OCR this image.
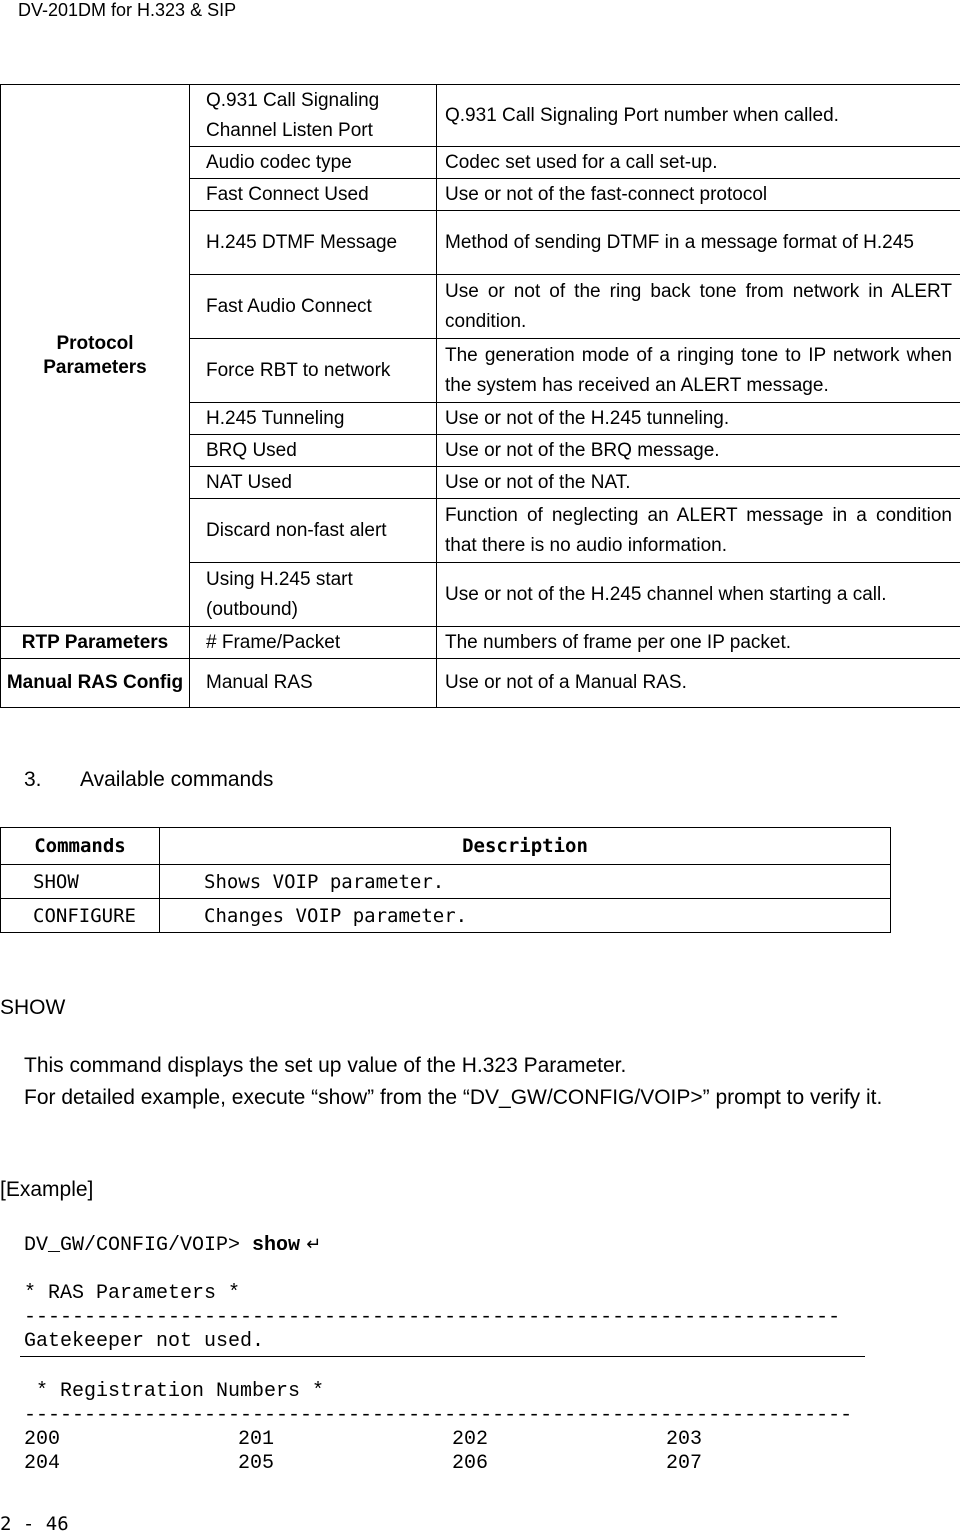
DV-201DM for H.323 & SIP
Protocol Parameters	Q.931 Call Signaling Channel Listen Port	Q.931 Call Signaling Port number when called.
	Audio codec type	Codec set used for a call set-up.
	Fast Connect Used	Use or not of the fast-connect protocol
	H.245 DTMF Message	Method of sending DTMF in a message format of H.245
	Fast Audio Connect	Use or not of the ring back tone from network in ALERT condition.
	Force RBT to network	The generation mode of a ringing tone to IP network when the system has received an ALERT message.
	H.245 Tunneling	Use or not of the H.245 tunneling.
	BRQ Used	Use or not of the BRQ message.
	NAT Used	Use or not of the NAT.
	Discard non-fast alert	Function of neglecting an ALERT message in a condition that there is no audio information.
	Using H.245 start (outbound)	Use or not of the H.245 channel when starting a call.
RTP Parameters	# Frame/Packet	The numbers of frame per one IP packet.
Manual RAS Config	Manual RAS	Use or not of a Manual RAS.
3. Available commands
Commands	Description
SHOW	Shows VOIP parameter.
CONFIGURE	Changes VOIP parameter.
SHOW
This command displays the set up value of the H.323 Parameter.
For detailed example, execute “show” from the “DV_GW/CONFIG/VOIP>” prompt to verify it.
[Example]
DV_GW/CONFIG/VOIP> show ↵
* RAS Parameters *
--------------------------------------------------------------------
Gatekeeper not used.
* Registration Numbers *
---------------------------------------------------------------------
200	201	202	203
204	205	206	207
2 - 46
